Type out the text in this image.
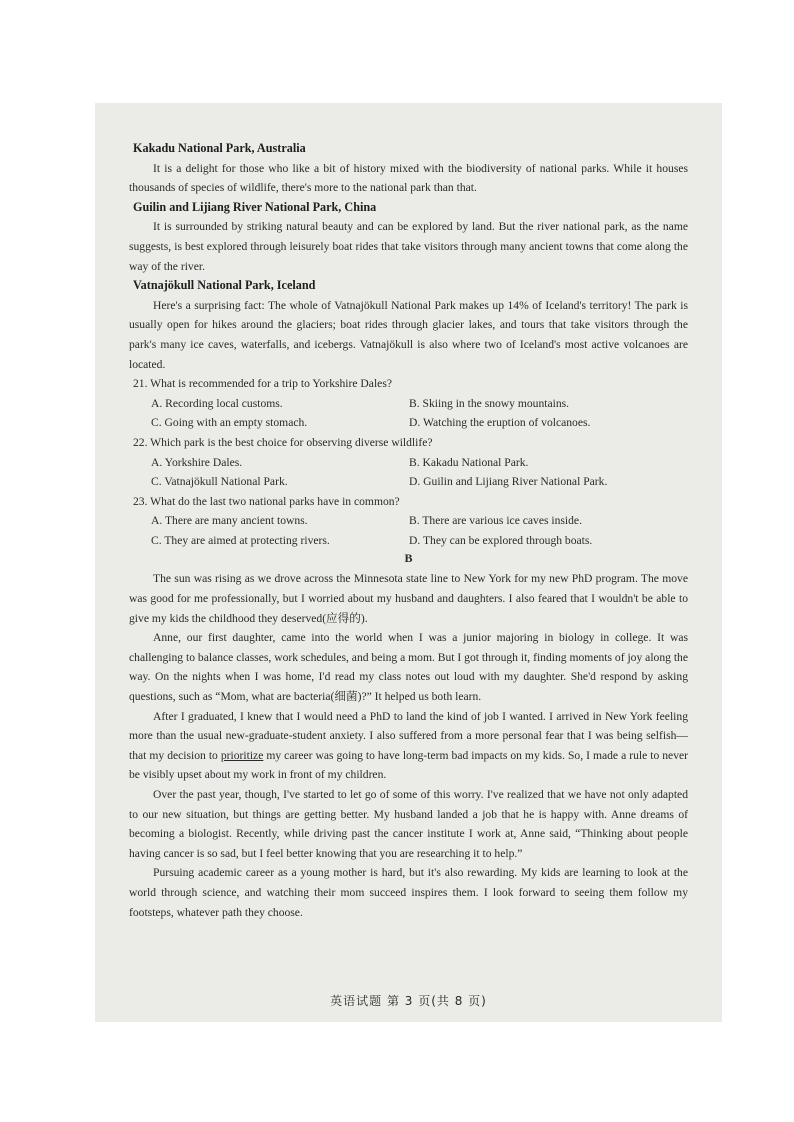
Kakadu National Park, Australia

It is a delight for those who like a bit of history mixed with the biodiversity of national parks. While it houses thousands of species of wildlife, there's more to the national park than that.

Guilin and Lijiang River National Park, China

It is surrounded by striking natural beauty and can be explored by land. But the river national park, as the name suggests, is best explored through leisurely boat rides that take visitors through many ancient towns that come along the way of the river.

Vatnajökull National Park, Iceland

Here's a surprising fact: The whole of Vatnajökull National Park makes up 14% of Iceland's territory! The park is usually open for hikes around the glaciers; boat rides through glacier lakes, and tours that take visitors through the park's many ice caves, waterfalls, and icebergs. Vatnajökull is also where two of Iceland's most active volcanoes are located.

21. What is recommended for a trip to Yorkshire Dales?
A. Recording local customs.	B. Skiing in the snowy mountains.
C. Going with an empty stomach.	D. Watching the eruption of volcanoes.
22. Which park is the best choice for observing diverse wildlife?
A. Yorkshire Dales.	B. Kakadu National Park.
C. Vatnajökull National Park.	D. Guilin and Lijiang River National Park.
23. What do the last two national parks have in common?
A. There are many ancient towns.	B. There are various ice caves inside.
C. They are aimed at protecting rivers.	D. They can be explored through boats.
B

The sun was rising as we drove across the Minnesota state line to New York for my new PhD program. The move was good for me professionally, but I worried about my husband and daughters. I also feared that I wouldn't be able to give my kids the childhood they deserved(应得的).

Anne, our first daughter, came into the world when I was a junior majoring in biology in college. It was challenging to balance classes, work schedules, and being a mom. But I got through it, finding moments of joy along the way. On the nights when I was home, I'd read my class notes out loud with my daughter. She'd respond by asking questions, such as “Mom, what are bacteria(细菌)?” It helped us both learn.

After I graduated, I knew that I would need a PhD to land the kind of job I wanted. I arrived in New York feeling more than the usual new-graduate-student anxiety. I also suffered from a more personal fear that I was being selfish—that my decision to prioritize my career was going to have long-term bad impacts on my kids. So, I made a rule to never be visibly upset about my work in front of my children.

Over the past year, though, I've started to let go of some of this worry. I've realized that we have not only adapted to our new situation, but things are getting better. My husband landed a job that he is happy with. Anne dreams of becoming a biologist. Recently, while driving past the cancer institute I work at, Anne said, “Thinking about people having cancer is so sad, but I feel better knowing that you are researching it to help.”

Pursuing academic career as a young mother is hard, but it's also rewarding. My kids are learning to look at the world through science, and watching their mom succeed inspires them. I look forward to seeing them follow my footsteps, whatever path they choose.

英语试题 第 3 页(共 8 页)
